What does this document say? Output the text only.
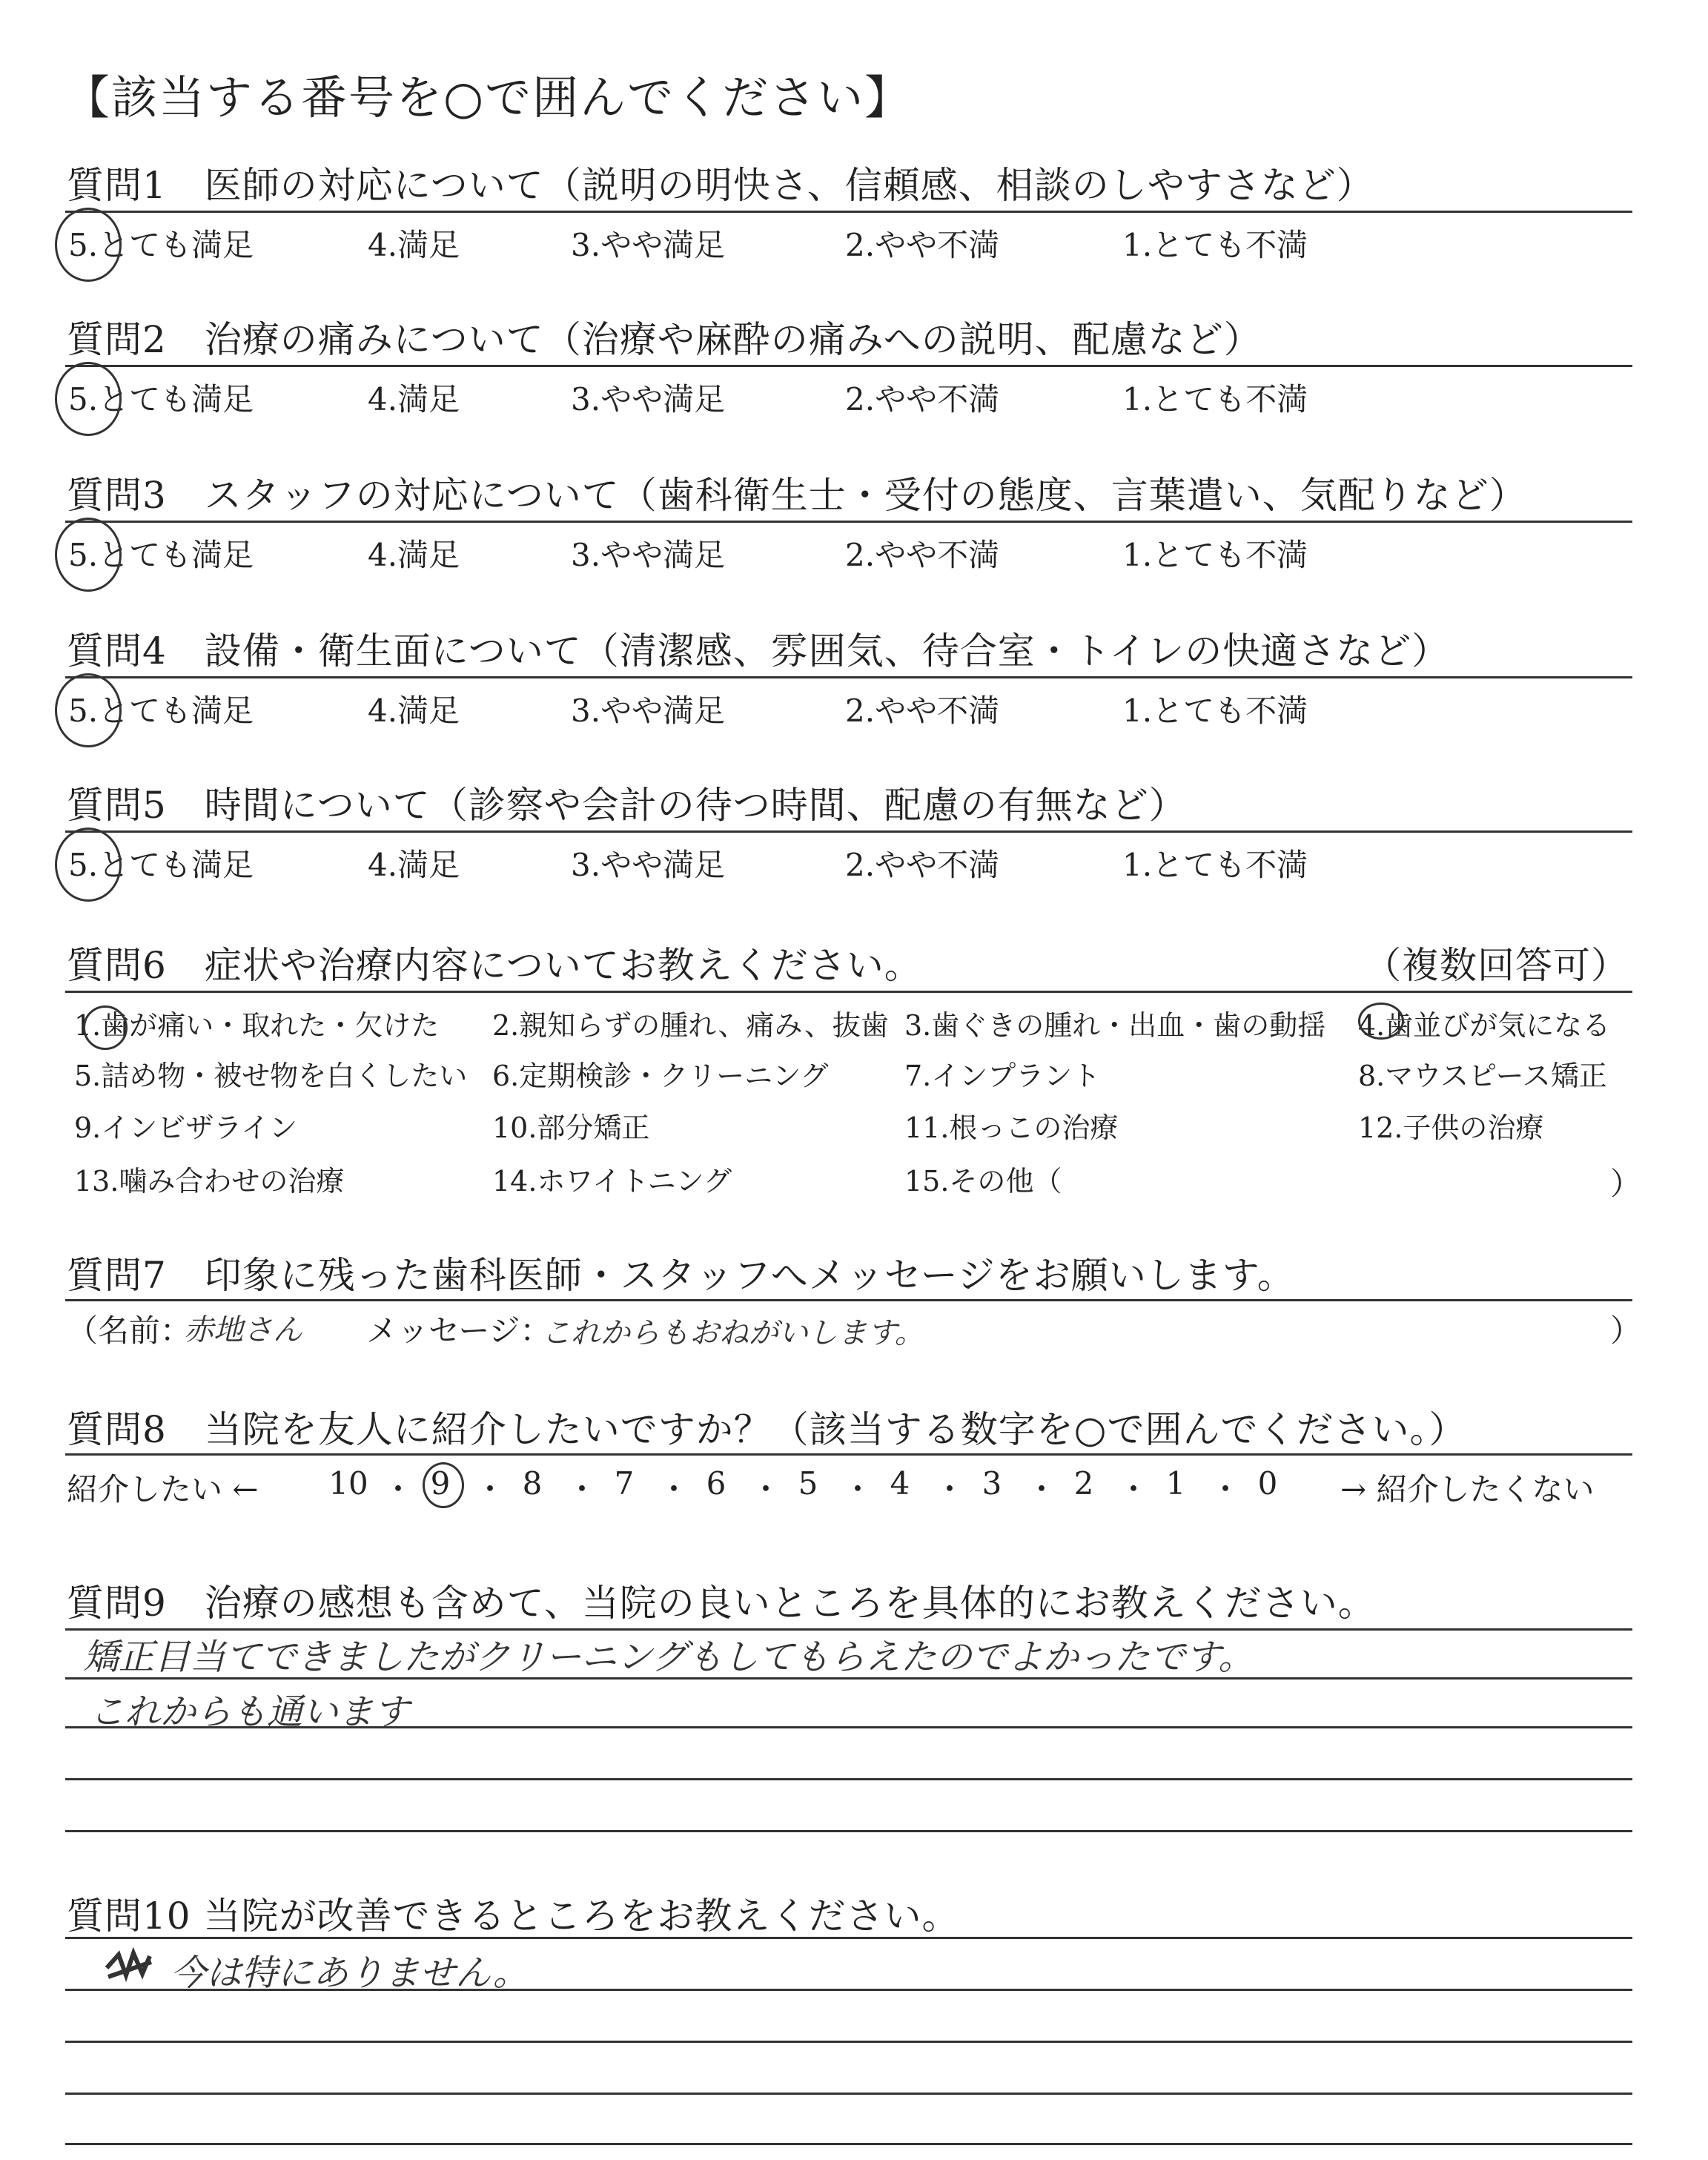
【該当する番号を○で囲んでください】
質問1　医師の対応について（説明の明快さ、信頼感、相談のしやすさなど）
5.とても満足	4.満足	3.やや満足	2.やや不満	1.とても不満
質問2　治療の痛みについて（治療や麻酔の痛みへの説明、配慮など）
5.とても満足	4.満足	3.やや満足	2.やや不満	1.とても不満
質問3　スタッフの対応について（歯科衛生士・受付の態度、言葉遣い、気配りなど）
5.とても満足	4.満足	3.やや満足	2.やや不満	1.とても不満
質問4　設備・衛生面について（清潔感、雰囲気、待合室・トイレの快適さなど）
5.とても満足	4.満足	3.やや満足	2.やや不満	1.とても不満
質問5　時間について（診察や会計の待つ時間、配慮の有無など）
5.とても満足	4.満足	3.やや満足	2.やや不満	1.とても不満
質問6　症状や治療内容についてお教えください。	（複数回答可）
1.歯が痛い・取れた・欠けた 2.親知らずの腫れ、痛み、抜歯 3.歯ぐきの腫れ・出血・歯の動揺 4.歯並びが気になる
5.詰め物・被せ物を白くしたい 6.定期検診・クリーニング	7.インプラント	8.マウスピース矯正
9.インビザライン	10.部分矯正	11.根っこの治療	12.子供の治療
13.噛み合わせの治療	14.ホワイトニング	15.その他（	）
質問7　印象に残った歯科医師・スタッフへメッセージをお願いします。
（名前：
赤地さん メッセージ：
これからもおねがいします。	）
質問8　当院を友人に紹介したいですか？（該当する数字を○で囲んでください。）
紹介したい ←	→ 紹介したくない
10 ・ 9 ・ 8 ・ 7 ・ 6 ・ 5 ・ 4 ・ 3 ・ 2 ・ 1 ・ 0
質問9　治療の感想も含めて、当院の良いところを具体的にお教えください。
矯正目当てできましたがクリーニングもしてもらえたのでよかったです。
これからも通います
質問10 当院が改善できるところをお教えください。
今は特にありません。
